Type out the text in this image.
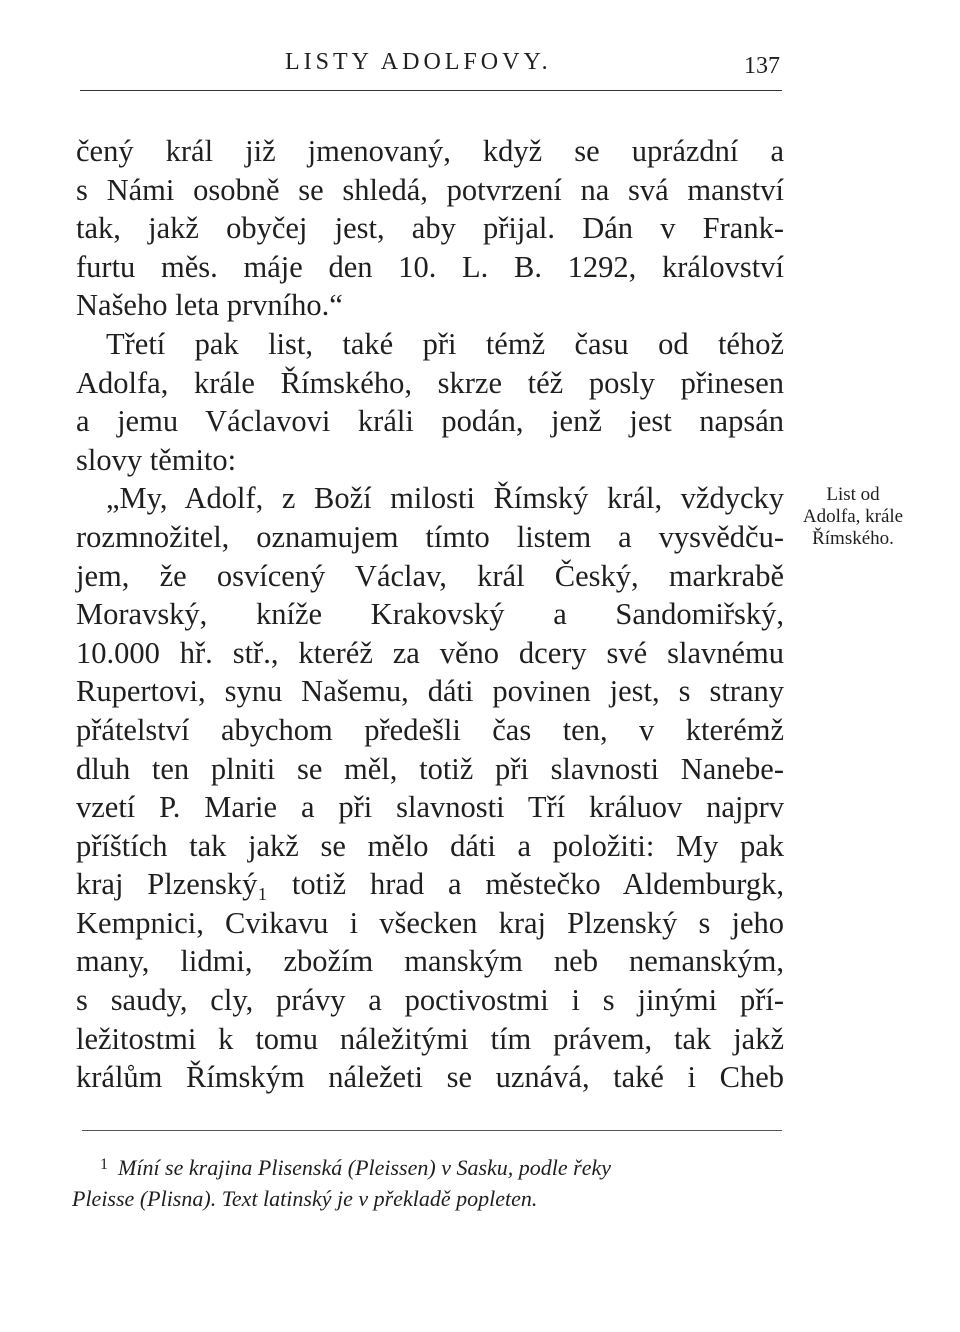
LISTY ADOLFOVY.	137
čený král již jmenovaný, když se uprázdní a
s Námi osobně se shledá, potvrzení na svá manství
tak, jakž obyčej jest, aby přijal. Dán v Frank-
furtu měs. máje den 10. L. B. 1292, království
Našeho leta prvního.“
Třetí pak list, také při témž času od téhož
Adolfa, krále Římského, skrze též posly přinesen
a jemu Václavovi králi podán, jenž jest napsán
slovy těmito:
„My, Adolf, z Boží milosti Římský král, vždycky
rozmnožitel, oznamujem tímto listem a vysvědču-
jem, že osvícený Václav, král Český, markrabě
Moravský, kníže Krakovský a Sandomiřský,
10.000 hř. stř., kteréž za věno dcery své slavnému
Rupertovi, synu Našemu, dáti povinen jest, s strany
přátelství abychom předešli čas ten, v kterémž
dluh ten plniti se měl, totiž při slavnosti Nanebe-
vzetí P. Marie a při slavnosti Tří králuov najprv
příštích tak jakž se mělo dáti a položiti: My pak
kraj Plzenský₁ totiž hrad a městečko Aldemburgk,
Kempnici, Cvikavu i všecken kraj Plzenský s jeho
many, lidmi, zbožím manským neb nemanským,
s saudy, cly, právy a poctivostmi i s jinými pří-
ležitostmi k tomu náležitými tím právem, tak jakž
králům Římským náležeti se uznává, také i Cheb
List od
Adolfa, krále
Římského.
$^1$ Míní se krajina Plisenská (Pleissen) v Sasku, podle řeky
Pleisse (Plisna). Text latinský je v překladě popleten.
